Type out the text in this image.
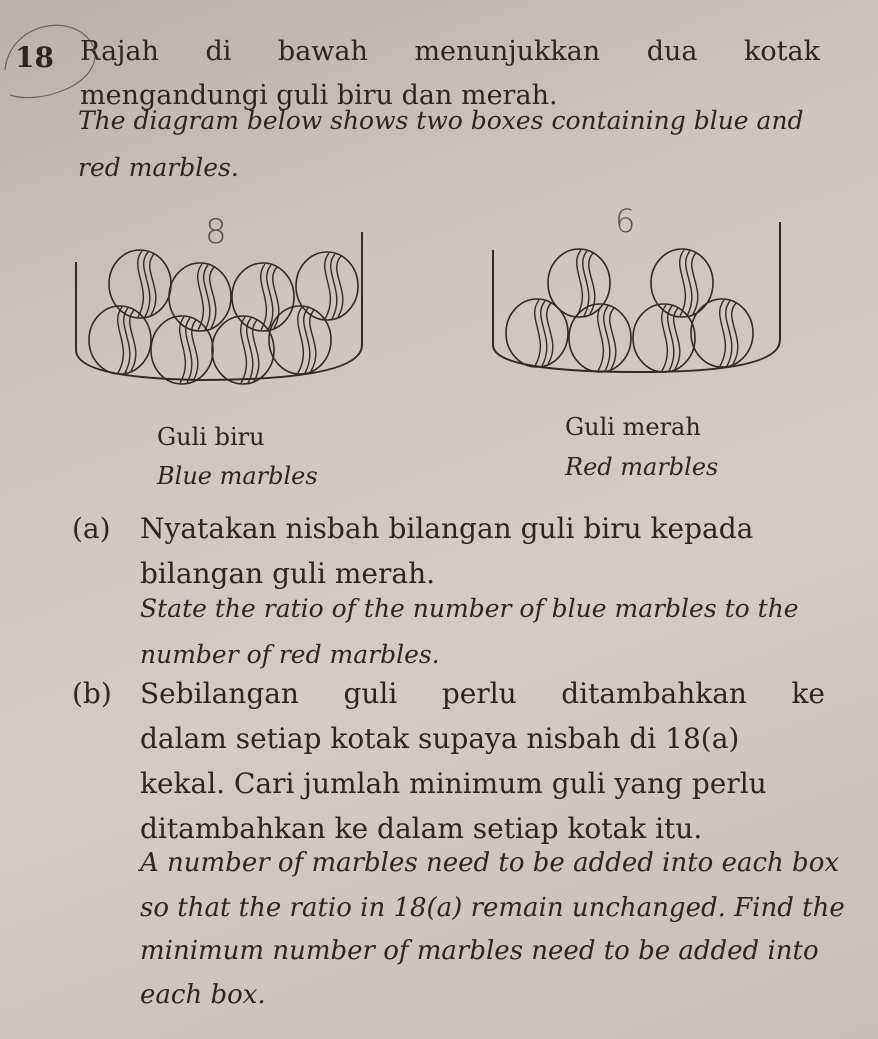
8	6
18 Rajah di bawah menunjukkan dua kotak
mengandungi guli biru dan merah.
The diagram below shows two boxes containing blue and
red marbles.
Guli biru
Blue marbles
Guli merah
Red marbles
(a) Nyatakan nisbah bilangan guli biru kepada
bilangan guli merah.
State the ratio of the number of blue marbles to the
number of red marbles.
(b) Sebilangan guli perlu ditambahkan ke
dalam setiap kotak supaya nisbah di 18(a)
kekal. Cari jumlah minimum guli yang perlu
ditambahkan ke dalam setiap kotak itu.
A number of marbles need to be added into each box
so that the ratio in 18(a) remain unchanged. Find the
minimum number of marbles need to be added into
each box.
